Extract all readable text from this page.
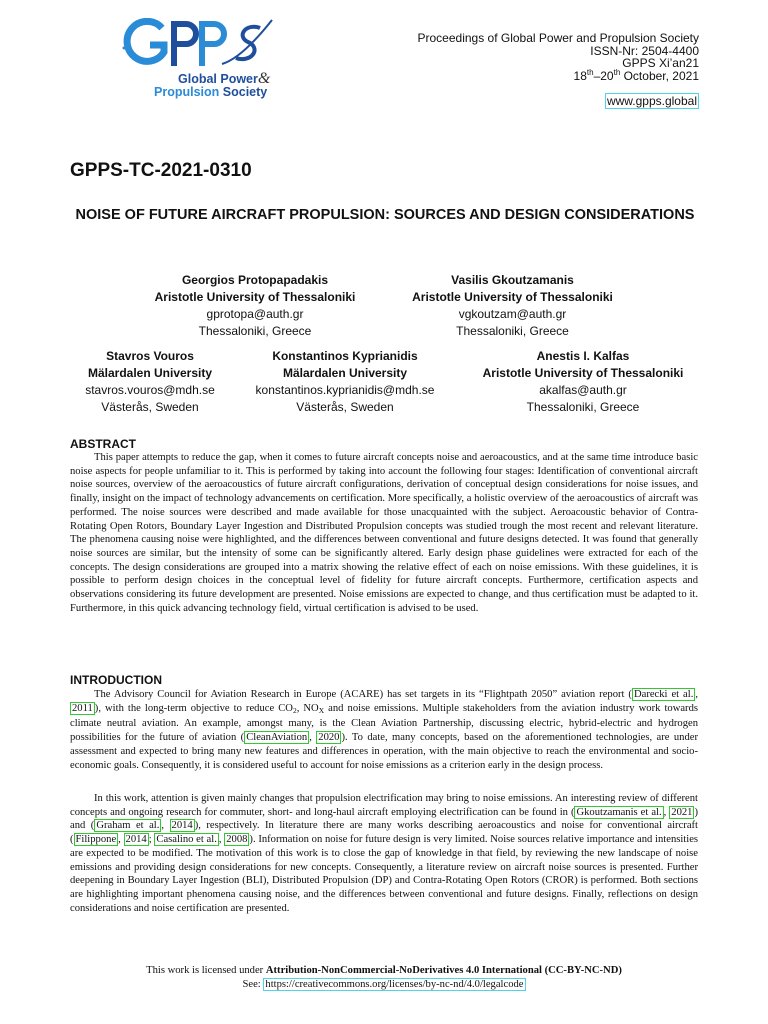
Global Power&
Propulsion Society
Proceedings of Global Power and Propulsion Society
ISSN-Nr: 2504-4400
GPPS Xi’an21
18th–20th October, 2021
www.gpps.global
GPPS-TC-2021-0310
NOISE OF FUTURE AIRCRAFT PROPULSION: SOURCES AND DESIGN CONSIDERATIONS
Georgios Protopapadakis
Aristotle University of Thessaloniki
gprotopa@auth.gr
Thessaloniki, Greece
Vasilis Gkoutzamanis
Aristotle University of Thessaloniki
vgkoutzam@auth.gr
Thessaloniki, Greece
Stavros Vouros
Mälardalen University
stavros.vouros@mdh.se
Västerås, Sweden
Konstantinos Kyprianidis
Mälardalen University
konstantinos.kyprianidis@mdh.se
Västerås, Sweden
Anestis I. Kalfas
Aristotle University of Thessaloniki
akalfas@auth.gr
Thessaloniki, Greece
ABSTRACT
This paper attempts to reduce the gap, when it comes to future aircraft concepts noise and aeroacoustics, and at the same time introduce basic noise aspects for people unfamiliar to it. This is performed by taking into account the following four stages: Identification of conventional aircraft noise sources, overview of the aeroacoustics of future aircraft configurations, derivation of conceptual design considerations for noise issues, and finally, insight on the impact of technology advancements on certification. More specifically, a holistic overview of the aeroacoustics of aircraft was performed. The noise sources were described and made available for those unacquainted with the subject. Aeroacoustic behavior of Contra-Rotating Open Rotors, Boundary Layer Ingestion and Distributed Propulsion concepts was studied trough the most recent and relevant literature. The phenomena causing noise were highlighted, and the differences between conventional and future designs detected. It was found that generally noise sources are similar, but the intensity of some can be significantly altered. Early design phase guidelines were extracted for each of the concepts. The design considerations are grouped into a matrix showing the relative effect of each on noise emissions. With these guidelines, it is possible to perform design choices in the conceptual level of fidelity for future aircraft concepts. Furthermore, certification aspects and observations considering its future development are presented. Noise emissions are expected to change, and thus certification must be adapted to it. Furthermore, in this quick advancing technology field, virtual certification is advised to be used.
INTRODUCTION
The Advisory Council for Aviation Research in Europe (ACARE) has set targets in its “Flightpath 2050” aviation report ( Darecki et al. , 2011 ), with the long-term objective to reduce $CO_2$, $NO_X$ and noise emissions. Multiple stakeholders from the aviation industry work towards climate neutral aviation. An example, amongst many, is the Clean Aviation Partnership, discussing electric, hybrid-electric and hydrogen possibilities for the future of aviation ( CleanAviation , 2020 ). To date, many concepts, based on the aforementioned technologies, are under assessment and expected to bring many new features and differences in operation, with the main objective to reach the environmental and socio-economic goals. Consequently, it is considered useful to account for noise emissions as a criterion early in the design process.
In this work, attention is given mainly changes that propulsion electrification may bring to noise emissions. An interesting review of different concepts and ongoing research for commuter, short- and long-haul aircraft employing electrification can be found in ( Gkoutzamanis et al. , 2021 ) and ( Graham et al. , 2014 ), respectively. In literature there are many works describing aeroacoustics and noise for conventional aircraft ( Filippone , 2014 ; Casalino et al. , 2008 ). Information on noise for future design is very limited. Noise sources relative importance and intensities are expected to be modified. The motivation of this work is to close the gap of knowledge in that field, by reviewing the new landscape of noise emissions and providing design considerations for new concepts. Consequently, a literature review on aircraft noise sources is presented. Further deepening in Boundary Layer Ingestion (BLI), Distributed Propulsion (DP) and Contra-Rotating Open Rotors (CROR) is performed. Both sections are highlighting important phenomena causing noise, and the differences between conventional and future designs. Finally, reflections on design considerations and noise certification are presented.
This work is licensed under Attribution-NonCommercial-NoDerivatives 4.0 International (CC-BY-NC-ND)
See: https://creativecommons.org/licenses/by-nc-nd/4.0/legalcode
